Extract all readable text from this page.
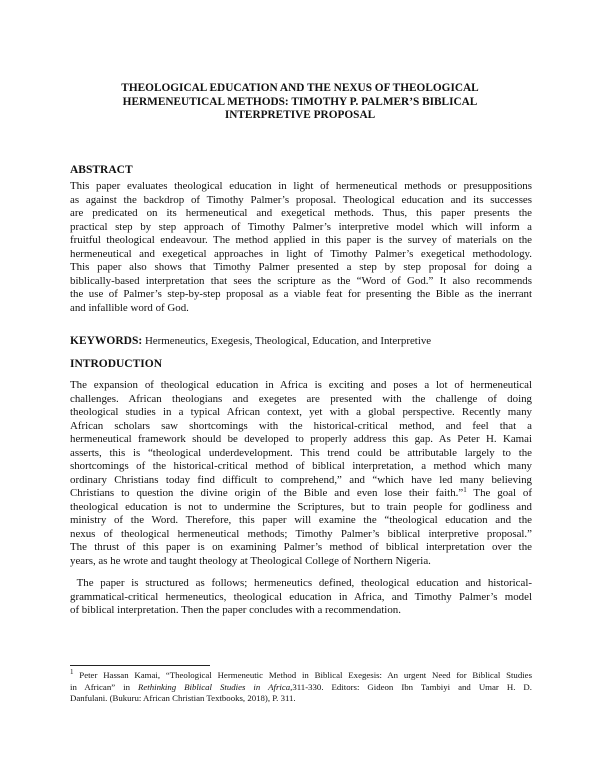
THEOLOGICAL EDUCATION AND THE NEXUS OF THEOLOGICAL
HERMENEUTICAL METHODS: TIMOTHY P. PALMER’S BIBLICAL
INTERPRETIVE PROPOSAL
ABSTRACT
This paper evaluates theological education in light of hermeneutical methods or presuppositions
as against the backdrop of Timothy Palmer’s proposal. Theological education and its successes
are predicated on its hermeneutical and exegetical methods. Thus, this paper presents the
practical step by step approach of Timothy Palmer’s interpretive model which will inform a
fruitful theological endeavour. The method applied in this paper is the survey of materials on the
hermeneutical and exegetical approaches in light of Timothy Palmer’s exegetical methodology.
This paper also shows that Timothy Palmer presented a step by step proposal for doing a
biblically-based interpretation that sees the scripture as the “Word of God.” It also recommends
the use of Palmer’s step-by-step proposal as a viable feat for presenting the Bible as the inerrant
and infallible word of God.
KEYWORDS: Hermeneutics, Exegesis, Theological, Education, and Interpretive
INTRODUCTION
The expansion of theological education in Africa is exciting and poses a lot of hermeneutical
challenges. African theologians and exegetes are presented with the challenge of doing
theological studies in a typical African context, yet with a global perspective. Recently many
African scholars saw shortcomings with the historical-critical method, and feel that a
hermeneutical framework should be developed to properly address this gap. As Peter H. Kamai
asserts, this is “theological underdevelopment. This trend could be attributable largely to the
shortcomings of the historical-critical method of biblical interpretation, a method which many
ordinary Christians today find difficult to comprehend,” and “which have led many believing
Christians to question the divine origin of the Bible and even lose their faith.”$^1$ The goal of
theological education is not to undermine the Scriptures, but to train people for godliness and
ministry of the Word. Therefore, this paper will examine the “theological education and the
nexus of theological hermeneutical methods; Timothy Palmer’s biblical interpretive proposal.”
The thrust of this paper is on examining Palmer’s method of biblical interpretation over the
years, as he wrote and taught theology at Theological College of Northern Nigeria.
The paper is structured as follows; hermeneutics defined, theological education and historical-
grammatical-critical hermeneutics, theological education in Africa, and Timothy Palmer’s model
of biblical interpretation. Then the paper concludes with a recommendation.
$^1$ Peter Hassan Kamai, “Theological Hermeneutic Method in Biblical Exegesis: An urgent Need for Biblical Studies
in African” in Rethinking Biblical Studies in Africa,311-330. Editors: Gideon Ibn Tambiyi and Umar H. D.
Danfulani. (Bukuru: African Christian Textbooks, 2018), P. 311.
